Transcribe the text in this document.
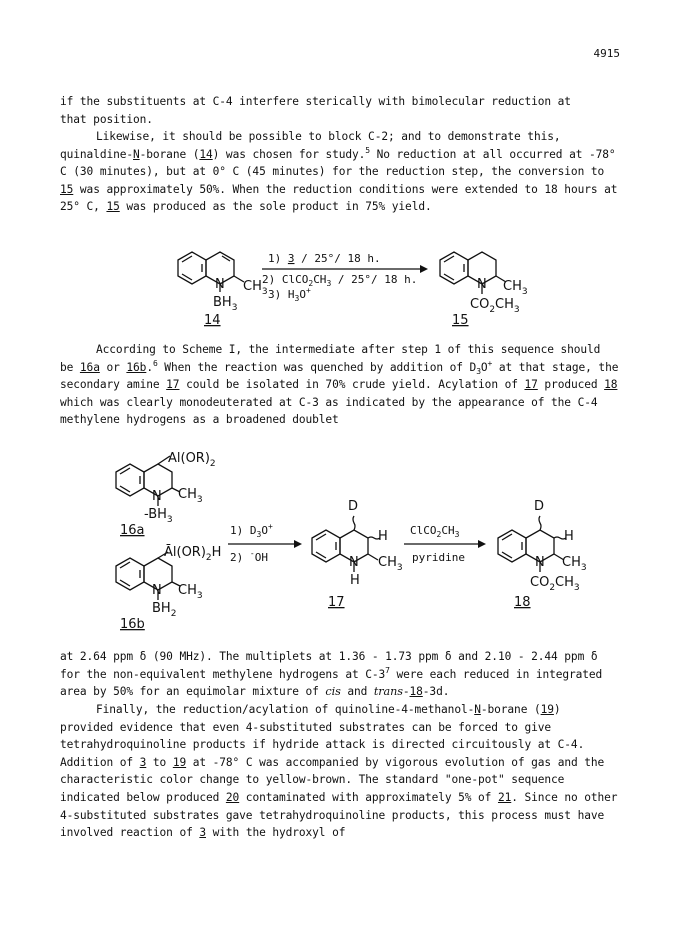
4915

if the substituents at C-4 interfere sterically with bimolecular reduction at

that position.

Likewise, it should be possible to block C-2; and to demonstrate this, quinaldine-N-borane (14) was chosen for study.$^5$ No reduction at all occurred at -78° C (30 minutes), but at 0° C (45 minutes) for the reduction step, the conversion to 15 was approximately 50%. When the reduction conditions were extended to 18 hours at 25° C, 15 was produced as the sole product in 75% yield.

N $CH_3$
$BH_3$
14
1) 3 / 25°/ 18 h.
2) $ClCO_2CH_3 / 25^\circ/$ 18 h.
3) $H_3O^+$	N $CH_3$
$CO_2CH_3$
15

According to Scheme I, the intermediate after step 1 of this sequence should be 16a or 16b.$^6$ When the reaction was quenched by addition of $D_3O^+$ at that stage, the secondary amine 17 could be isolated in 70% crude yield. Acylation of 17 produced 18 which was clearly monodeuterated at C-3 as indicated by the appearance of the C-4 methylene hydrogens as a broadened doublet

$Al(OR)_2$
N $CH_3$
$-BH_3$
16a
$Āl(OR)_2H$
N $CH_3$
$BH_2$
16b
1) $D_3O^+$
2) -OH
D
H
N $CH_3$
H
17
$ClCO_2CH_3$
pyridine
D
H
N $CH_3$
$CO_2CH_3$
18

at 2.64 ppm δ (90 MHz). The multiplets at 1.36 - 1.73 ppm δ and 2.10 - 2.44 ppm δ for the non-equivalent methylene hydrogens at $C-3^7$ were each reduced in integrated area by 50% for an equimolar mixture of cis and trans-18-3d.

Finally, the reduction/acylation of quinoline-4-methanol-N-borane (19) provided evidence that even 4-substituted substrates can be forced to give tetrahydroquinoline products if hydride attack is directed circuitously at C-4. Addition of 3 to 19 at -78° C was accompanied by vigorous evolution of gas and the characteristic color change to yellow-brown. The standard "one-pot" sequence indicated below produced 20 contaminated with approximately 5% of 21. Since no other 4-substituted substrates gave tetrahydroquinoline products, this process must have involved reaction of 3 with the hydroxyl of
